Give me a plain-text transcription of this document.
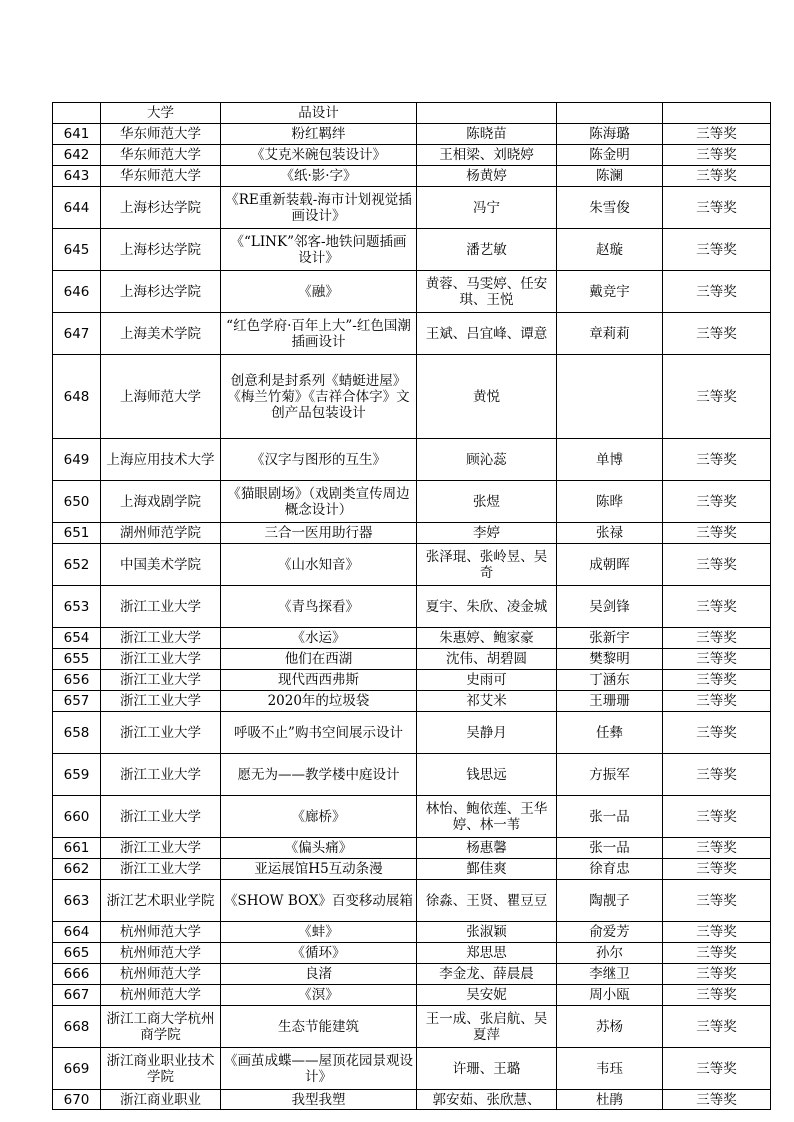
	大学	品设计			
641	华东师范大学	粉红羁绊	陈晓苗	陈海璐	三等奖
642	华东师范大学	《艾克米碗包装设计》	王相梁、刘晓婷	陈金明	三等奖
643	华东师范大学	《纸·影·字》	杨黄婷	陈澜	三等奖
644	上海杉达学院	《RE重新装载-海市计划视觉插画设计》	冯宁	朱雪俊	三等奖
645	上海杉达学院	《“LINK”邻客-地铁问题插画设计》	潘艺敏	赵璇	三等奖
646	上海杉达学院	《融》	黄蓉、马雯婷、任安琪、王悦	戴竞宇	三等奖
647	上海美术学院	“红色学府·百年上大”-红色国潮插画设计	王斌、吕宜峰、谭意	章莉莉	三等奖
648	上海师范大学	创意利是封系列《蜻蜓进屋》《梅兰竹菊》《吉祥合体字》文创产品包装设计	黄悦		三等奖
649	上海应用技术大学	《汉字与图形的互生》	顾沁蕊	单博	三等奖
650	上海戏剧学院	《猫眼剧场》（戏剧类宣传周边概念设计）	张煜	陈晔	三等奖
651	湖州师范学院	三合一医用助行器	李婷	张禄	三等奖
652	中国美术学院	《山水知音》	张泽琨、张岭昱、吴奇	成朝晖	三等奖
653	浙江工业大学	《青鸟探看》	夏宇、朱欣、凌金城	吴剑锋	三等奖
654	浙江工业大学	《水运》	朱惠婷、鲍家豪	张新宇	三等奖
655	浙江工业大学	他们在西湖	沈伟、胡碧圆	樊黎明	三等奖
656	浙江工业大学	现代西西弗斯	史雨可	丁涵东	三等奖
657	浙江工业大学	2020年的垃圾袋	祁艾米	王珊珊	三等奖
658	浙江工业大学	呼吸不止”购书空间展示设计	吴静月	任彝	三等奖
659	浙江工业大学	愿无为——教学楼中庭设计	钱思远	方振军	三等奖
660	浙江工业大学	《廊桥》	林怡、鲍依莲、王华婷、林一苇	张一品	三等奖
661	浙江工业大学	《偏头痛》	杨惠馨	张一品	三等奖
662	浙江工业大学	亚运展馆H5互动条漫	鄞佳爽	徐育忠	三等奖
663	浙江艺术职业学院	《SHOW BOX》百变移动展箱	徐淼、王贤、瞿豆豆	陶靓子	三等奖
664	杭州师范大学	《蚌》	张淑颖	俞爱芳	三等奖
665	杭州师范大学	《循环》	郑思思	孙尔	三等奖
666	杭州师范大学	良渚	李金龙、薛晨晨	李继卫	三等奖
667	杭州师范大学	《溟》	吴安妮	周小瓯	三等奖
668	浙江工商大学杭州商学院	生态节能建筑	王一成、张启航、吴夏萍	苏杨	三等奖
669	浙江商业职业技术学院	《画茧成蝶——屋顶花园景观设计》	许珊、王璐	韦珏	三等奖
670	浙江商业职业	我型我塑	郭安茹、张欣慧、	杜鹃	三等奖
